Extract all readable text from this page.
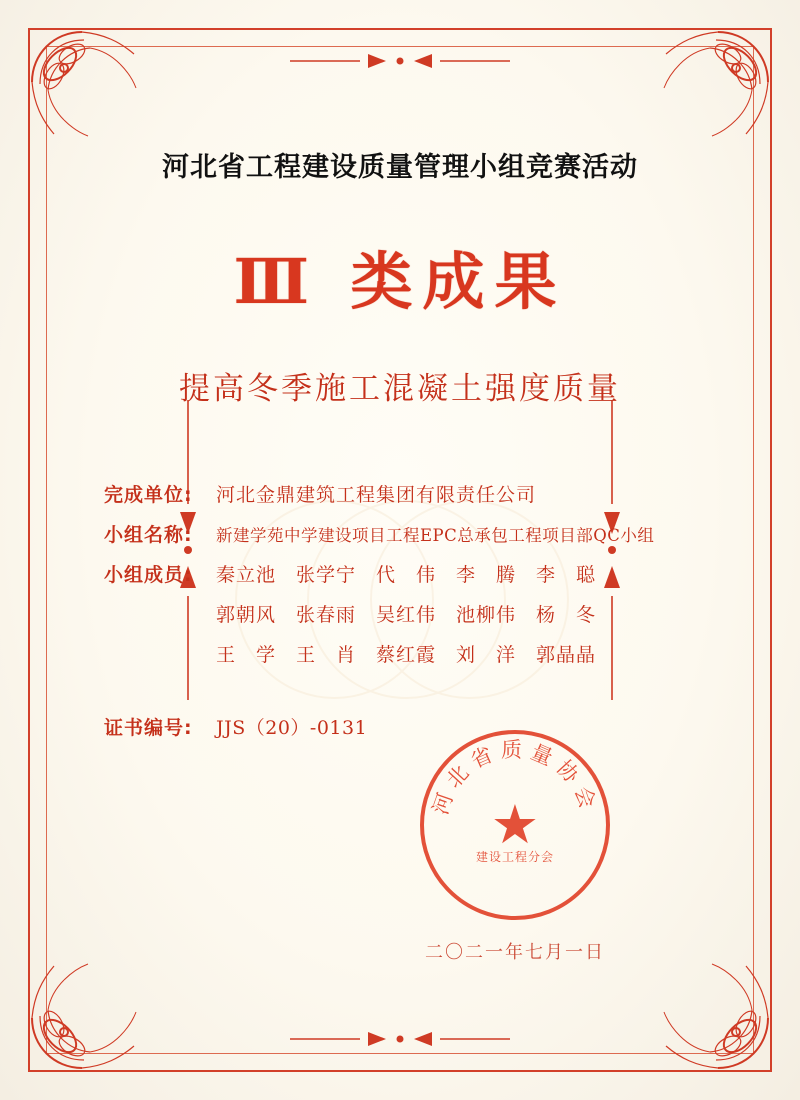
河北省工程建设质量管理小组竞赛活动
Ⅲ 类成果
提高冬季施工混凝土强度质量
完成单位:	河北金鼎建筑工程集团有限责任公司
小组名称:	新建学苑中学建设项目工程EPC总承包工程项目部QC小组
小组成员:	秦立池　张学宁　代　伟　李　腾　李　聪
郭朝风　张春雨　吴红伟　池柳伟　杨　冬
王　学　王　肖　蔡红霞　刘　洋　郭晶晶
证书编号:	JJS（20）-0131
河北省质量协会
★
建设工程分会
二〇二一年七月一日
